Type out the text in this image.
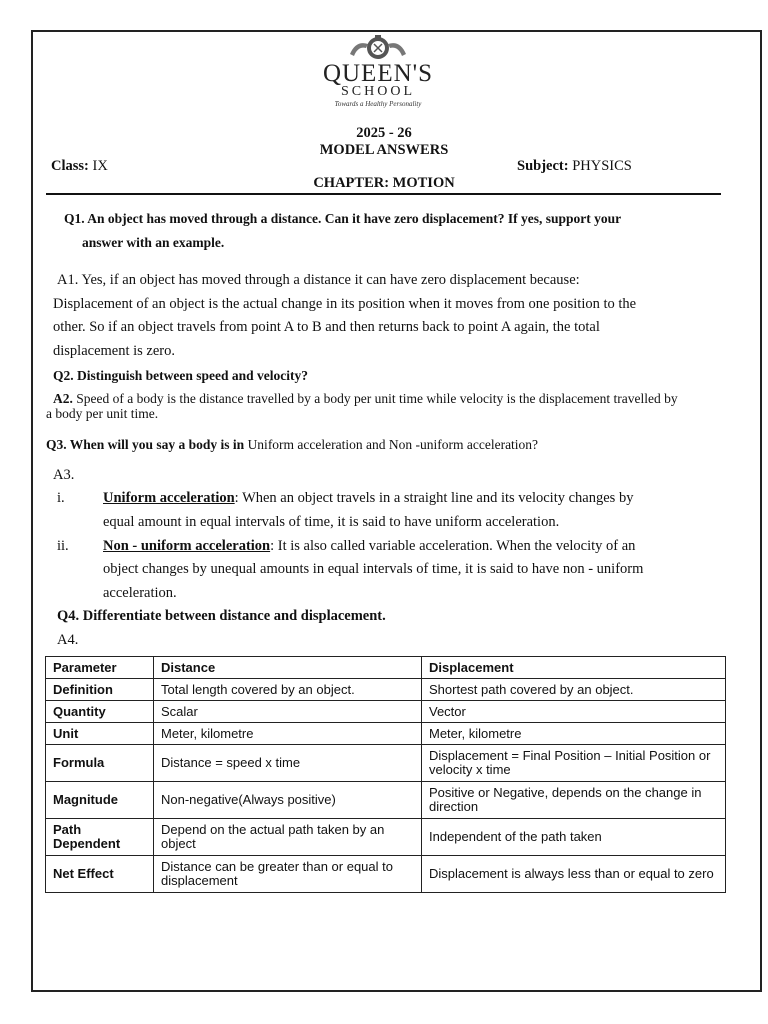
QUEEN'S
SCHOOL
Towards a Healthy Personality
2025 - 26
MODEL ANSWERS
Class: IX	Subject: PHYSICS
CHAPTER: MOTION
Q1. An object has moved through a distance. Can it have zero displacement? If yes, support your
answer with an example.
A1. Yes, if an object has moved through a distance it can have zero displacement because:
Displacement of an object is the actual change in its position when it moves from one position to the
other. So if an object travels from point A to B and then returns back to point A again, the total
displacement is zero.
Q2. Distinguish between speed and velocity?
A2. Speed of a body is the distance travelled by a body per unit time while velocity is the displacement travelled by
a body per unit time.
Q3. When will you say a body is in Uniform acceleration and Non -uniform acceleration?
A3.
i.	Uniform acceleration: When an object travels in a straight line and its velocity changes by
equal amount in equal intervals of time, it is said to have uniform acceleration.
ii. Non - uniform acceleration: It is also called variable acceleration. When the velocity of an
object changes by unequal amounts in equal intervals of time, it is said to have non - uniform
acceleration.
Q4. Differentiate between distance and displacement.
A4.
Parameter	Distance	Displacement
Definition	Total length covered by an object.	Shortest path covered by an object.
Quantity	Scalar	Vector
Unit	Meter, kilometre	Meter, kilometre
Formula	Distance = speed x time	Displacement = Final Position – Initial Position or velocity x time
Magnitude	Non-negative(Always positive)	Positive or Negative, depends on the change in direction
Path Dependent	Depend on the actual path taken by an object	Independent of the path taken
Net Effect	Distance can be greater than or equal to displacement	Displacement is always less than or equal to zero
